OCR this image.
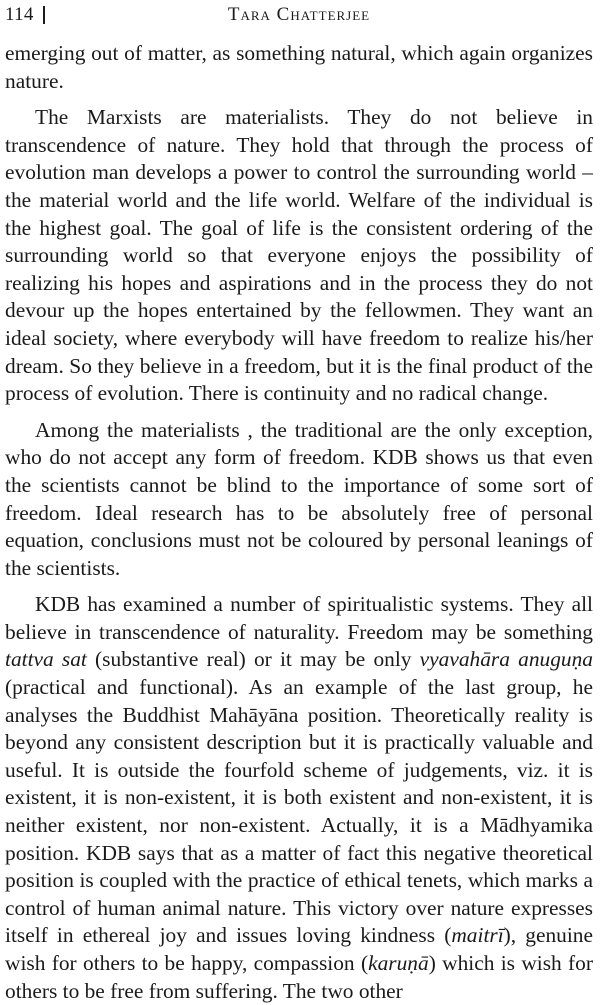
114	Tara Chatterjee

emerging out of matter, as something natural, which again organizes nature.

The Marxists are materialists. They do not believe in transcendence of nature. They hold that through the process of evolution man develops a power to control the surrounding world – the material world and the life world. Welfare of the individual is the highest goal. The goal of life is the consistent ordering of the surrounding world so that everyone enjoys the possibility of realizing his hopes and aspirations and in the process they do not devour up the hopes entertained by the fellowmen. They want an ideal society, where everybody will have freedom to realize his/her dream. So they believe in a freedom, but it is the final product of the process of evolution. There is continuity and no radical change.

Among the materialists , the traditional are the only exception, who do not accept any form of freedom. KDB shows us that even the scientists cannot be blind to the importance of some sort of freedom. Ideal research has to be absolutely free of personal equation, conclusions must not be coloured by personal leanings of the scientists.

KDB has examined a number of spiritualistic systems. They all believe in transcendence of naturality. Freedom may be something tattva sat (substantive real) or it may be only vyavahāra anuguṇa (practical and functional). As an example of the last group, he analyses the Buddhist Mahāyāna position. Theoretically reality is beyond any consistent description but it is practically valuable and useful. It is outside the fourfold scheme of judgements, viz. it is existent, it is non-existent, it is both existent and non-existent, it is neither existent, nor non-existent. Actually, it is a Mādhyamika position. KDB says that as a matter of fact this negative theoretical position is coupled with the practice of ethical tenets, which marks a control of human animal nature. This victory over nature expresses itself in ethereal joy and issues loving kindness (maitrī), genuine wish for others to be happy, compassion (karuṇā) which is wish for others to be free from suffering. The two other
